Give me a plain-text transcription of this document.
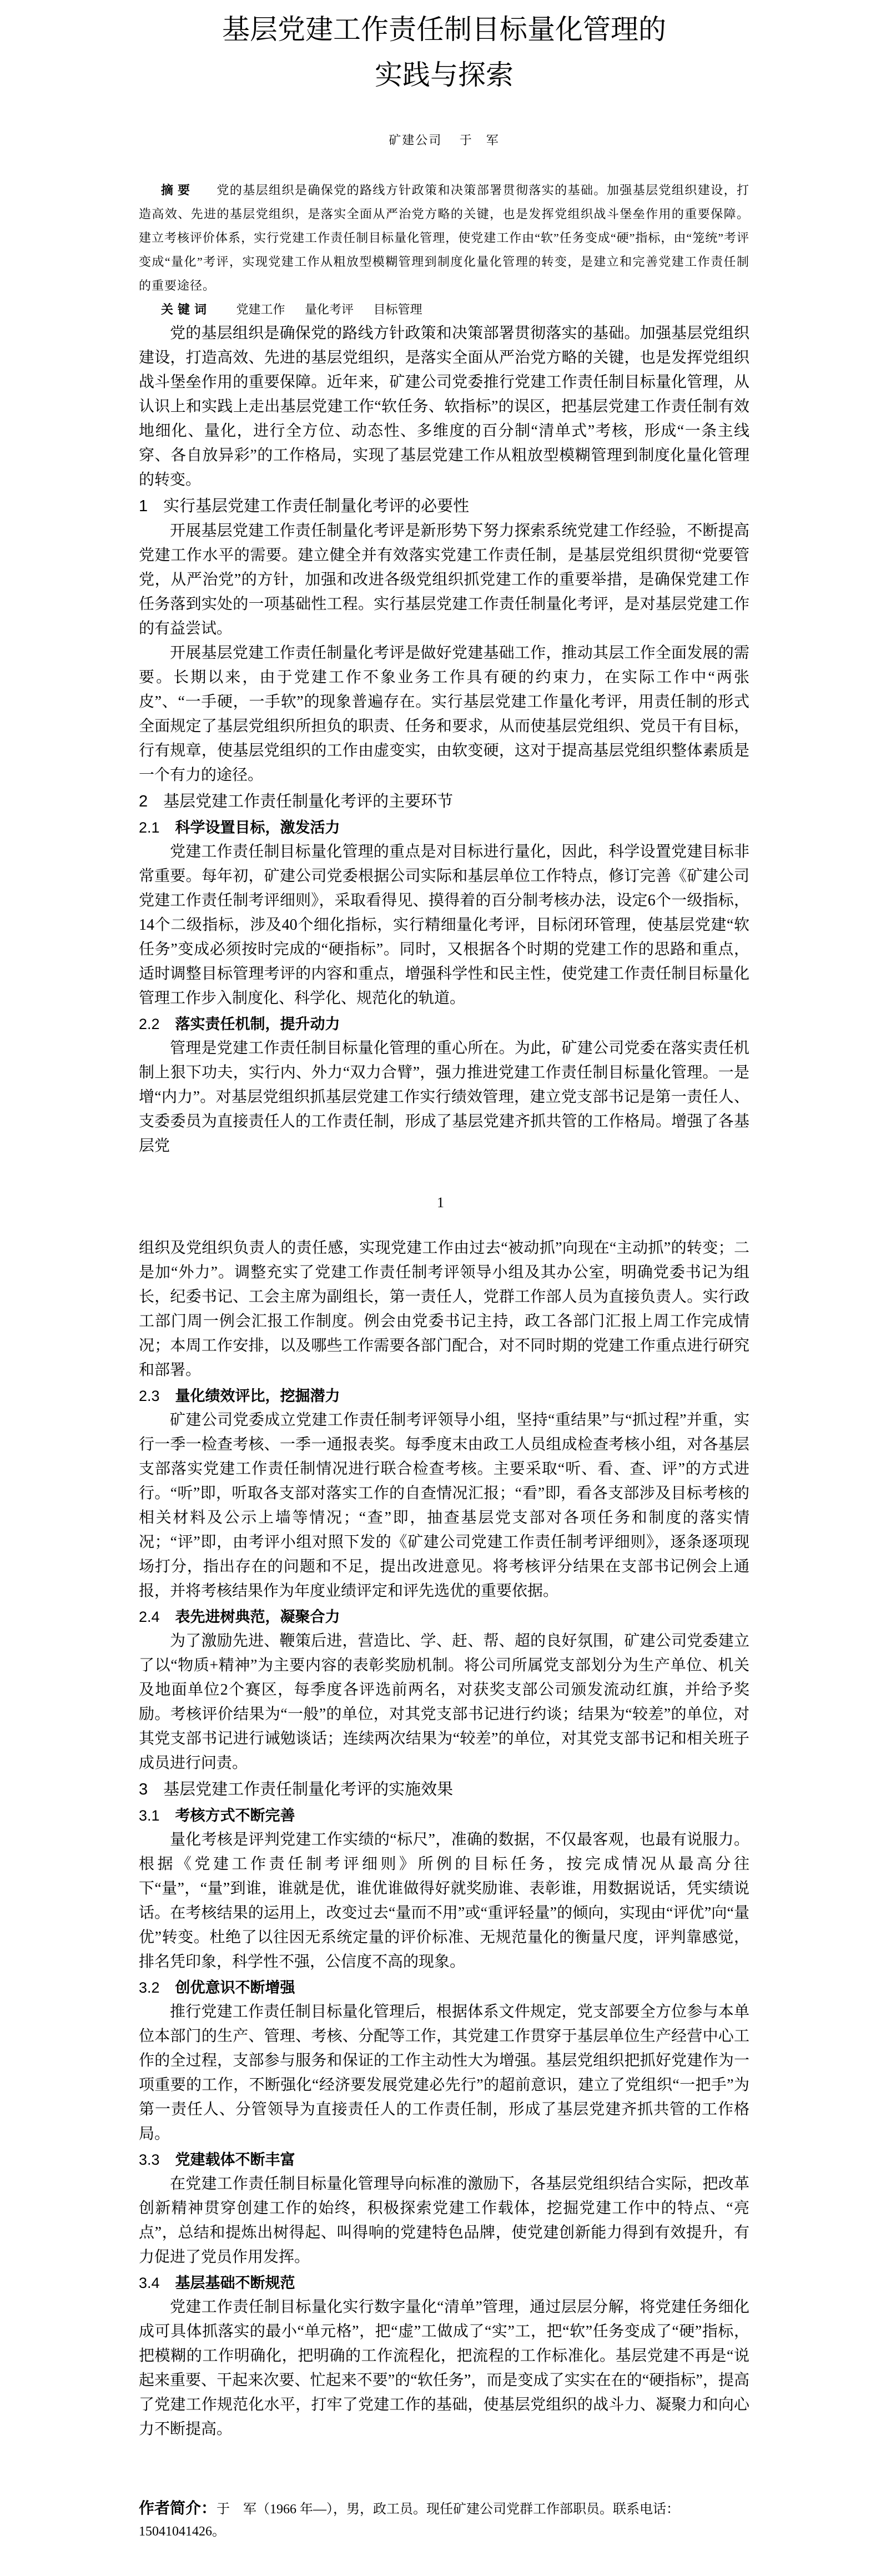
基层党建工作责任制目标量化管理的
实践与探索
矿建公司 于　军
摘要 党的基层组织是确保党的路线方针政策和决策部署贯彻落实的基础。加强基层党组织建设，打造高效、先进的基层党组织，是落实全面从严治党方略的关键，也是发挥党组织战斗堡垒作用的重要保障。建立考核评价体系，实行党建工作责任制目标量化管理，使党建工作由“软”任务变成“硬”指标，由“笼统”考评变成“量化”考评，实现党建工作从粗放型模糊管理到制度化量化管理的转变，是建立和完善党建工作责任制的重要途径。
关键词 党建工作 量化考评 目标管理

党的基层组织是确保党的路线方针政策和决策部署贯彻落实的基础。加强基层党组织建设，打造高效、先进的基层党组织，是落实全面从严治党方略的关键，也是发挥党组织战斗堡垒作用的重要保障。近年来，矿建公司党委推行党建工作责任制目标量化管理，从认识上和实践上走出基层党建工作“软任务、软指标”的误区，把基层党建工作责任制有效地细化、量化，进行全方位、动态性、多维度的百分制“清单式”考核，形成“一条主线穿、各自放异彩”的工作格局，实现了基层党建工作从粗放型模糊管理到制度化量化管理的转变。

1 实行基层党建工作责任制量化考评的必要性

开展基层党建工作责任制量化考评是新形势下努力探索系统党建工作经验，不断提高党建工作水平的需要。建立健全并有效落实党建工作责任制，是基层党组织贯彻“党要管党，从严治党”的方针，加强和改进各级党组织抓党建工作的重要举措，是确保党建工作任务落到实处的一项基础性工程。实行基层党建工作责任制量化考评，是对基层党建工作的有益尝试。

开展基层党建工作责任制量化考评是做好党建基础工作，推动其层工作全面发展的需要。长期以来，由于党建工作不象业务工作具有硬的约束力，在实际工作中“两张皮”、“一手硬，一手软”的现象普遍存在。实行基层党建工作量化考评，用责任制的形式全面规定了基层党组织所担负的职责、任务和要求，从而使基层党组织、党员干有目标，行有规章，使基层党组织的工作由虚变实，由软变硬，这对于提高基层党组织整体素质是一个有力的途径。

2 基层党建工作责任制量化考评的主要环节
2.1 科学设置目标，激发活力

党建工作责任制目标量化管理的重点是对目标进行量化，因此，科学设置党建目标非常重要。每年初，矿建公司党委根据公司实际和基层单位工作特点，修订完善《矿建公司党建工作责任制考评细则》，采取看得见、摸得着的百分制考核办法，设定6个一级指标，14个二级指标，涉及40个细化指标，实行精细量化考评，目标闭环管理，使基层党建“软任务”变成必须按时完成的“硬指标”。同时，又根据各个时期的党建工作的思路和重点，适时调整目标管理考评的内容和重点，增强科学性和民主性，使党建工作责任制目标量化管理工作步入制度化、科学化、规范化的轨道。

2.2 落实责任机制，提升动力

管理是党建工作责任制目标量化管理的重心所在。为此，矿建公司党委在落实责任机制上狠下功夫，实行内、外力“双力合臂”，强力推进党建工作责任制目标量化管理。一是增“内力”。对基层党组织抓基层党建工作实行绩效管理，建立党支部书记是第一责任人、支委委员为直接责任人的工作责任制，形成了基层党建齐抓共管的工作格局。增强了各基层党

1

组织及党组织负责人的责任感，实现党建工作由过去“被动抓”向现在“主动抓”的转变；二是加“外力”。调整充实了党建工作责任制考评领导小组及其办公室，明确党委书记为组长，纪委书记、工会主席为副组长，第一责任人，党群工作部人员为直接负责人。实行政工部门周一例会汇报工作制度。例会由党委书记主持，政工各部门汇报上周工作完成情况；本周工作安排，以及哪些工作需要各部门配合，对不同时期的党建工作重点进行研究和部署。

2.3 量化绩效评比，挖掘潜力

矿建公司党委成立党建工作责任制考评领导小组，坚持“重结果”与“抓过程”并重，实行一季一检查考核、一季一通报表奖。每季度末由政工人员组成检查考核小组，对各基层支部落实党建工作责任制情况进行联合检查考核。主要采取“听、看、查、评”的方式进行。“听”即，听取各支部对落实工作的自查情况汇报；“看”即，看各支部涉及目标考核的相关材料及公示上墙等情况；“查”即，抽查基层党支部对各项任务和制度的落实情况；“评”即，由考评小组对照下发的《矿建公司党建工作责任制考评细则》，逐条逐项现场打分，指出存在的问题和不足，提出改进意见。将考核评分结果在支部书记例会上通报，并将考核结果作为年度业绩评定和评先选优的重要依据。

2.4 表先进树典范，凝聚合力

为了激励先进、鞭策后进，营造比、学、赶、帮、超的良好氛围，矿建公司党委建立了以“物质+精神”为主要内容的表彰奖励机制。将公司所属党支部划分为生产单位、机关及地面单位2个赛区，每季度各评选前两名，对获奖支部公司颁发流动红旗，并给予奖励。考核评价结果为“一般”的单位，对其党支部书记进行约谈；结果为“较差”的单位，对其党支部书记进行诫勉谈话；连续两次结果为“较差”的单位，对其党支部书记和相关班子成员进行问责。

3 基层党建工作责任制量化考评的实施效果
3.1 考核方式不断完善

量化考核是评判党建工作实绩的“标尺”，准确的数据，不仅最客观，也最有说服力。根据《党建工作责任制考评细则》所例的目标任务，按完成情况从最高分往下“量”，“量”到谁，谁就是优，谁优谁做得好就奖励谁、表彰谁，用数据说话，凭实绩说话。在考核结果的运用上，改变过去“量而不用”或“重评轻量”的倾向，实现由“评优”向“量优”转变。杜绝了以往因无系统定量的评价标准、无规范量化的衡量尺度，评判靠感觉，排名凭印象，科学性不强，公信度不高的现象。

3.2 创优意识不断增强

推行党建工作责任制目标量化管理后，根据体系文件规定，党支部要全方位参与本单位本部门的生产、管理、考核、分配等工作，其党建工作贯穿于基层单位生产经营中心工作的全过程，支部参与服务和保证的工作主动性大为增强。基层党组织把抓好党建作为一项重要的工作，不断强化“经济要发展党建必先行”的超前意识，建立了党组织“一把手”为第一责任人、分管领导为直接责任人的工作责任制，形成了基层党建齐抓共管的工作格局。

3.3 党建载体不断丰富

在党建工作责任制目标量化管理导向标准的激励下，各基层党组织结合实际，把改革创新精神贯穿创建工作的始终，积极探索党建工作载体，挖掘党建工作中的特点、“亮点”，总结和提炼出树得起、叫得响的党建特色品牌，使党建创新能力得到有效提升，有力促进了党员作用发挥。

3.4 基层基础不断规范

党建工作责任制目标量化实行数字量化“清单”管理，通过层层分解，将党建任务细化成可具体抓落实的最小“单元格”，把“虚”工做成了“实”工，把“软”任务变成了“硬”指标，把模糊的工作明确化，把明确的工作流程化，把流程的工作标准化。基层党建不再是“说起来重要、干起来次要、忙起来不要”的“软任务”，而是变成了实实在在的“硬指标”，提高了党建工作规范化水平，打牢了党建工作的基础，使基层党组织的战斗力、凝聚力和向心力不断提高。

作者简介：于　军（1966 年—），男，政工员。现任矿建公司党群工作部职员。联系电话：15041041426。
